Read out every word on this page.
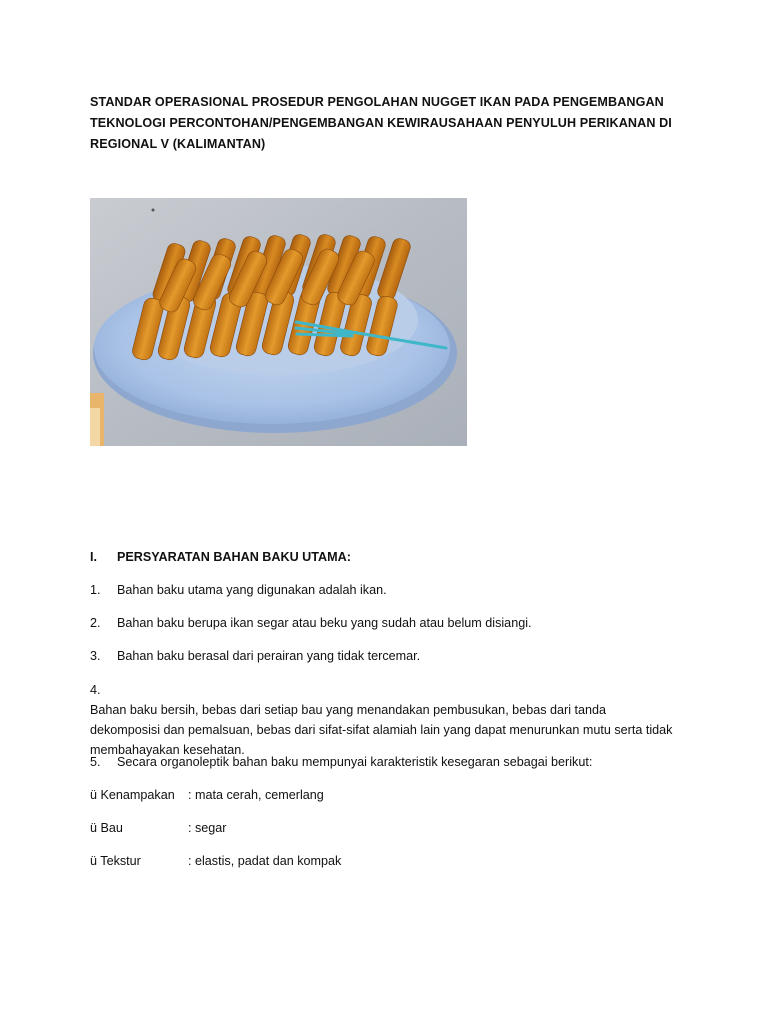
STANDAR OPERASIONAL PROSEDUR PENGOLAHAN NUGGET IKAN PADA PENGEMBANGAN
TEKNOLOGI PERCONTOHAN/PENGEMBANGAN KEWIRAUSAHAAN PENYULUH PERIKANAN DI
REGIONAL V (KALIMANTAN)
I. PERSYARATAN BAHAN BAKU UTAMA:
1. Bahan baku utama yang digunakan adalah ikan.
2. Bahan baku berupa ikan segar atau beku yang sudah atau belum disiangi.
3. Bahan baku berasal dari perairan yang tidak tercemar.
4.
Bahan baku bersih, bebas dari setiap bau yang menandakan pembusukan, bebas dari tanda
dekomposisi dan pemalsuan, bebas dari sifat-sifat alamiah lain yang dapat menurunkan mutu serta tidak
membahayakan kesehatan.
5. Secara organoleptik bahan baku mempunyai karakteristik kesegaran sebagai berikut:
ü Kenampakan : mata cerah, cemerlang
ü Bau	: segar
ü Tekstur	: elastis, padat dan kompak
